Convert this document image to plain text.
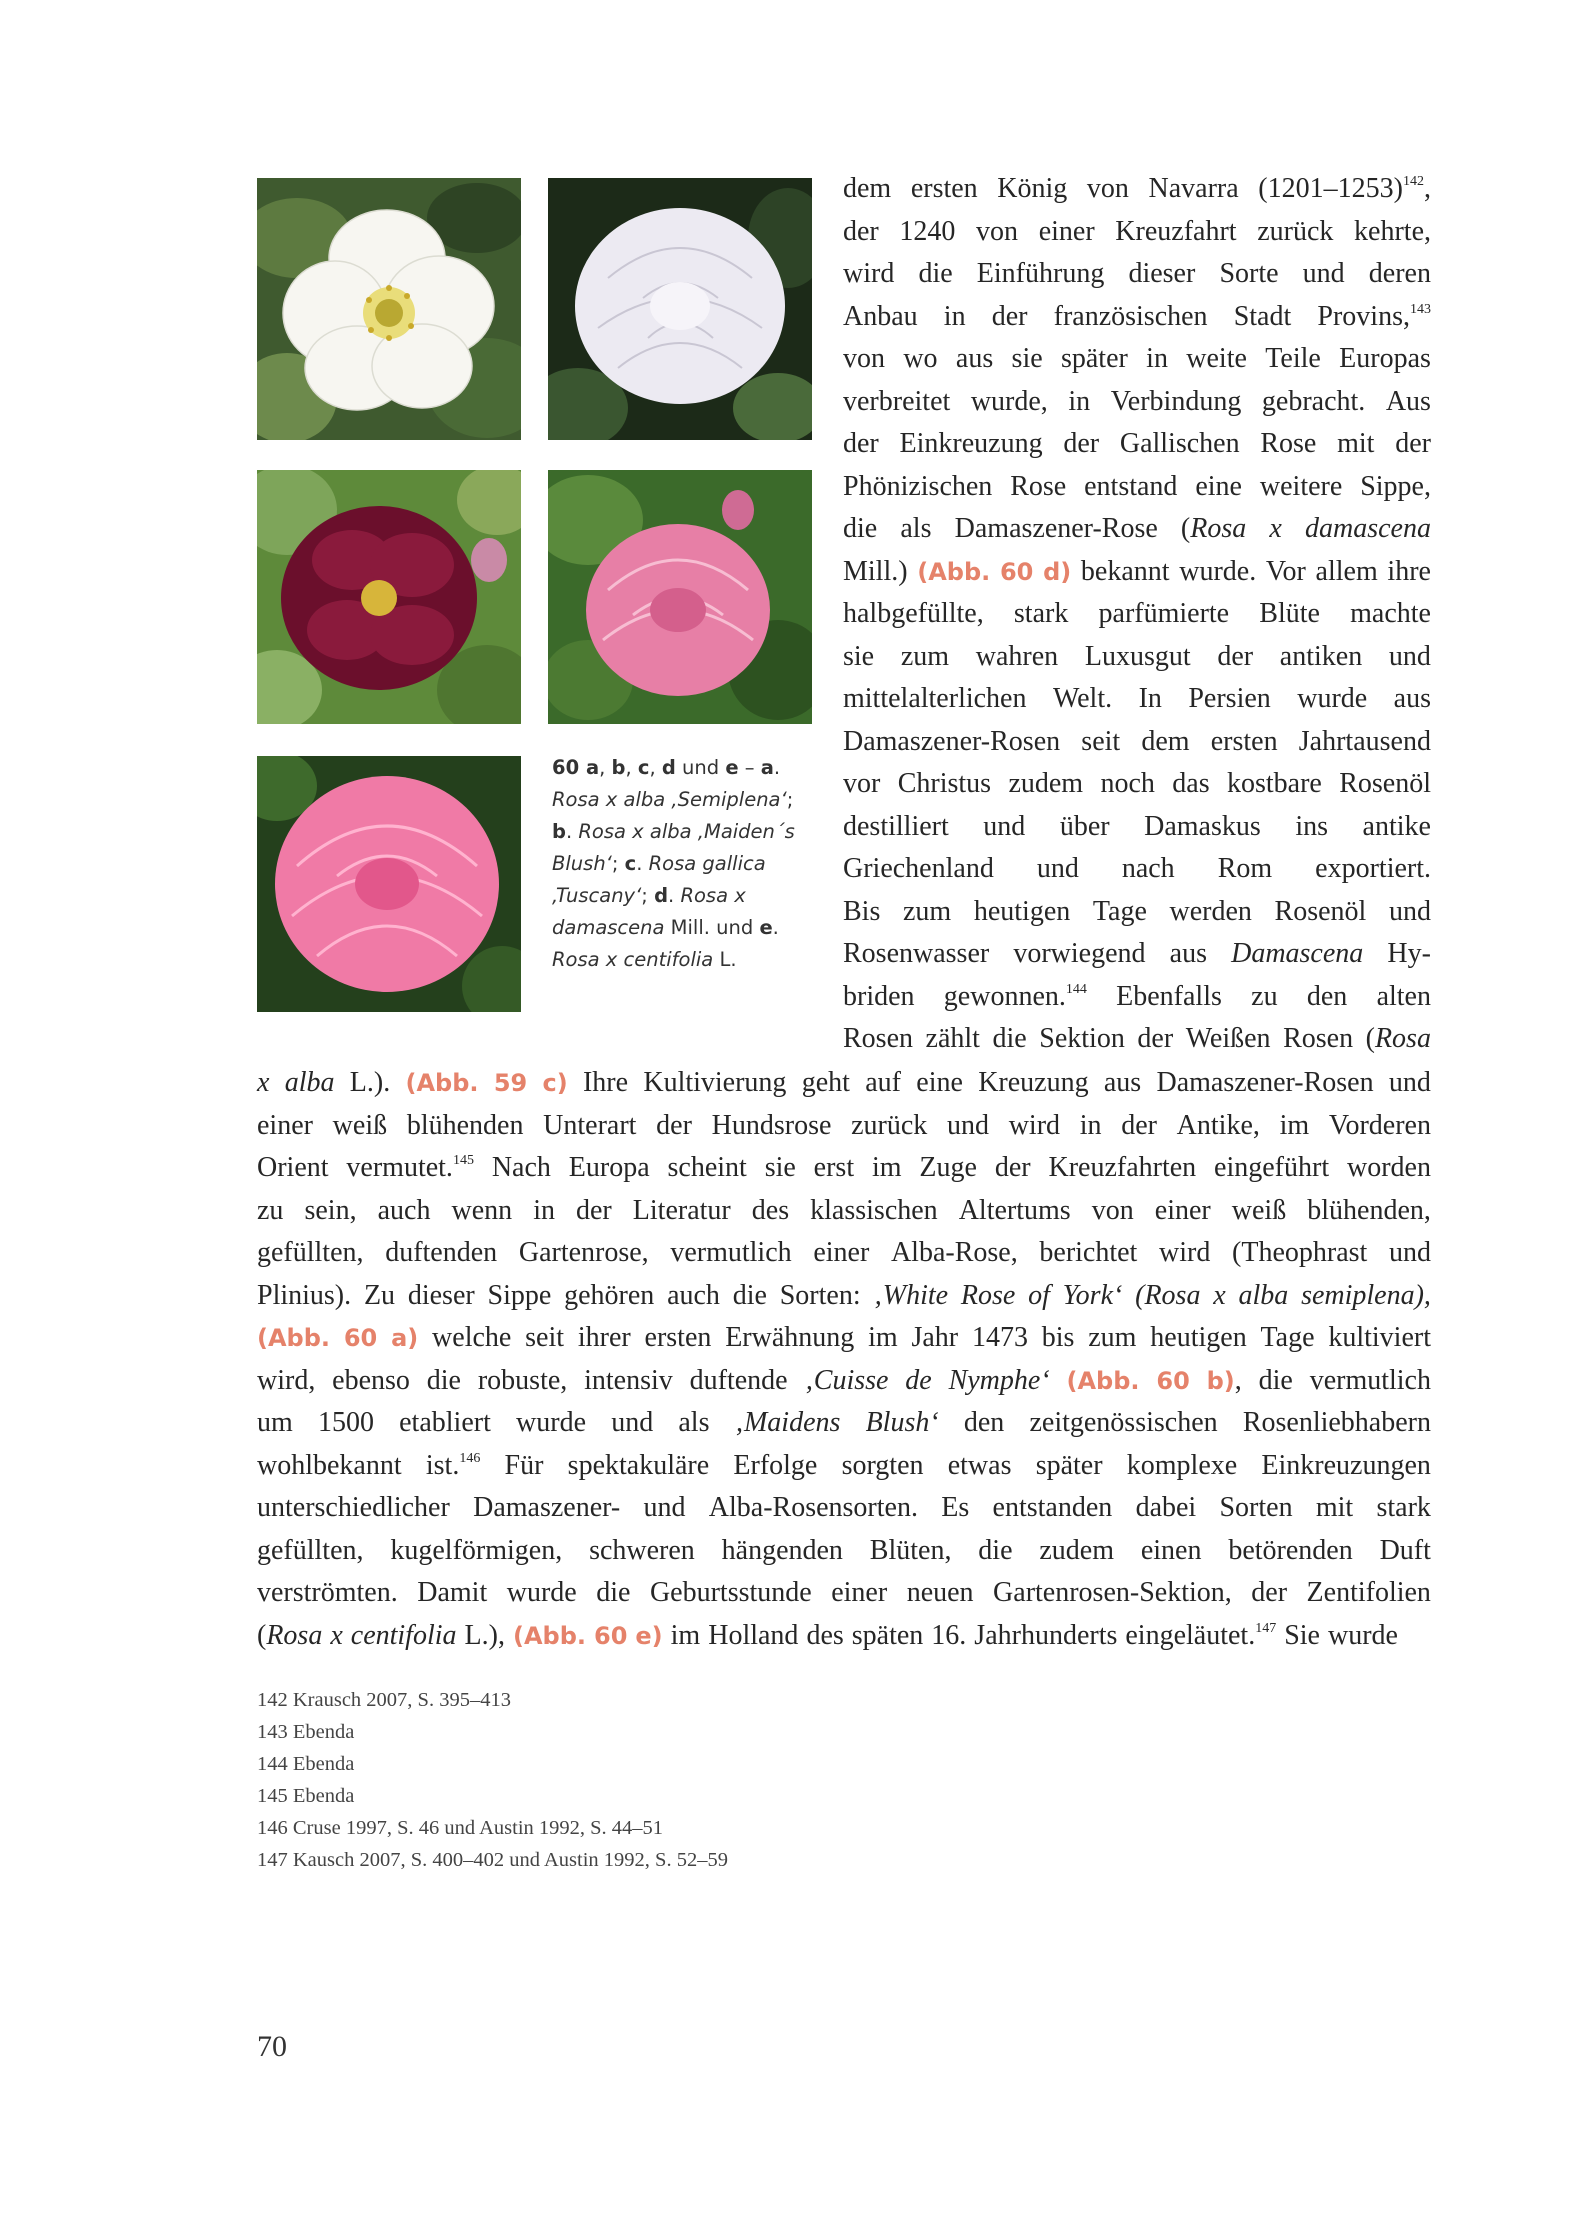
60 a, b, c, d und e – a. Rosa x alba ‚Semiplena‘; b. Rosa x alba ‚Maiden´s Blush‘; c. Rosa gallica ‚Tuscany‘; d. Rosa x damascena Mill. und e. Rosa x centifolia L.
dem ersten König von Navarra (1201–1253)$^{142}$,
der 1240 von einer Kreuzfahrt zurück kehrte,
wird die Einführung dieser Sorte und deren
Anbau in der französischen Stadt Provins,$^{143}$
von wo aus sie später in weite Teile Europas
verbreitet wurde, in Verbindung gebracht. Aus
der Einkreuzung der Gallischen Rose mit der
Phönizischen Rose entstand eine weitere Sippe,
die als Damaszener-Rose (Rosa x damascena
Mill.) (Abb. 60 d) bekannt wurde. Vor allem ihre
halbgefüllte, stark parfümierte Blüte machte
sie zum wahren Luxusgut der antiken und
mittelalterlichen Welt. In Persien wurde aus
Damaszener-Rosen seit dem ersten Jahrtausend
vor Christus zudem noch das kostbare Rosenöl
destilliert und über Damaskus ins antike
Griechenland und nach Rom exportiert.
Bis zum heutigen Tage werden Rosenöl und
Rosenwasser vorwiegend aus Damascena Hy-
briden gewonnen.$^{144}$ Ebenfalls zu den alten
Rosen zählt die Sektion der Weißen Rosen (Rosa
x alba L.). (Abb. 59 c) Ihre Kultivierung geht auf eine Kreuzung aus Damaszener-Rosen und
einer weiß blühenden Unterart der Hundsrose zurück und wird in der Antike, im Vorderen
Orient vermutet.$^{145}$ Nach Europa scheint sie erst im Zuge der Kreuzfahrten eingeführt worden
zu sein, auch wenn in der Literatur des klassischen Altertums von einer weiß blühenden,
gefüllten, duftenden Gartenrose, vermutlich einer Alba-Rose, berichtet wird (Theophrast und
Plinius). Zu dieser Sippe gehören auch die Sorten: ‚White Rose of York‘ (Rosa x alba semiplena),
(Abb. 60 a) welche seit ihrer ersten Erwähnung im Jahr 1473 bis zum heutigen Tage kultiviert
wird, ebenso die robuste, intensiv duftende ‚Cuisse de Nymphe‘ (Abb. 60 b), die vermutlich
um 1500 etabliert wurde und als ‚Maidens Blush‘ den zeitgenössischen Rosenliebhabern
wohlbekannt ist.$^{146}$ Für spektakuläre Erfolge sorgten etwas später komplexe Einkreuzungen
unterschiedlicher Damaszener- und Alba-Rosensorten. Es entstanden dabei Sorten mit stark
gefüllten, kugelförmigen, schweren hängenden Blüten, die zudem einen betörenden Duft
verströmten. Damit wurde die Geburtsstunde einer neuen Gartenrosen-Sektion, der Zentifolien
(Rosa x centifolia L.), (Abb. 60 e) im Holland des späten 16. Jahrhunderts eingeläutet.$^{147}$ Sie wurde
142 Krausch 2007, S. 395–413
143 Ebenda
144 Ebenda
145 Ebenda
146 Cruse 1997, S. 46 und Austin 1992, S. 44–51
147 Kausch 2007, S. 400–402 und Austin 1992, S. 52–59
70
